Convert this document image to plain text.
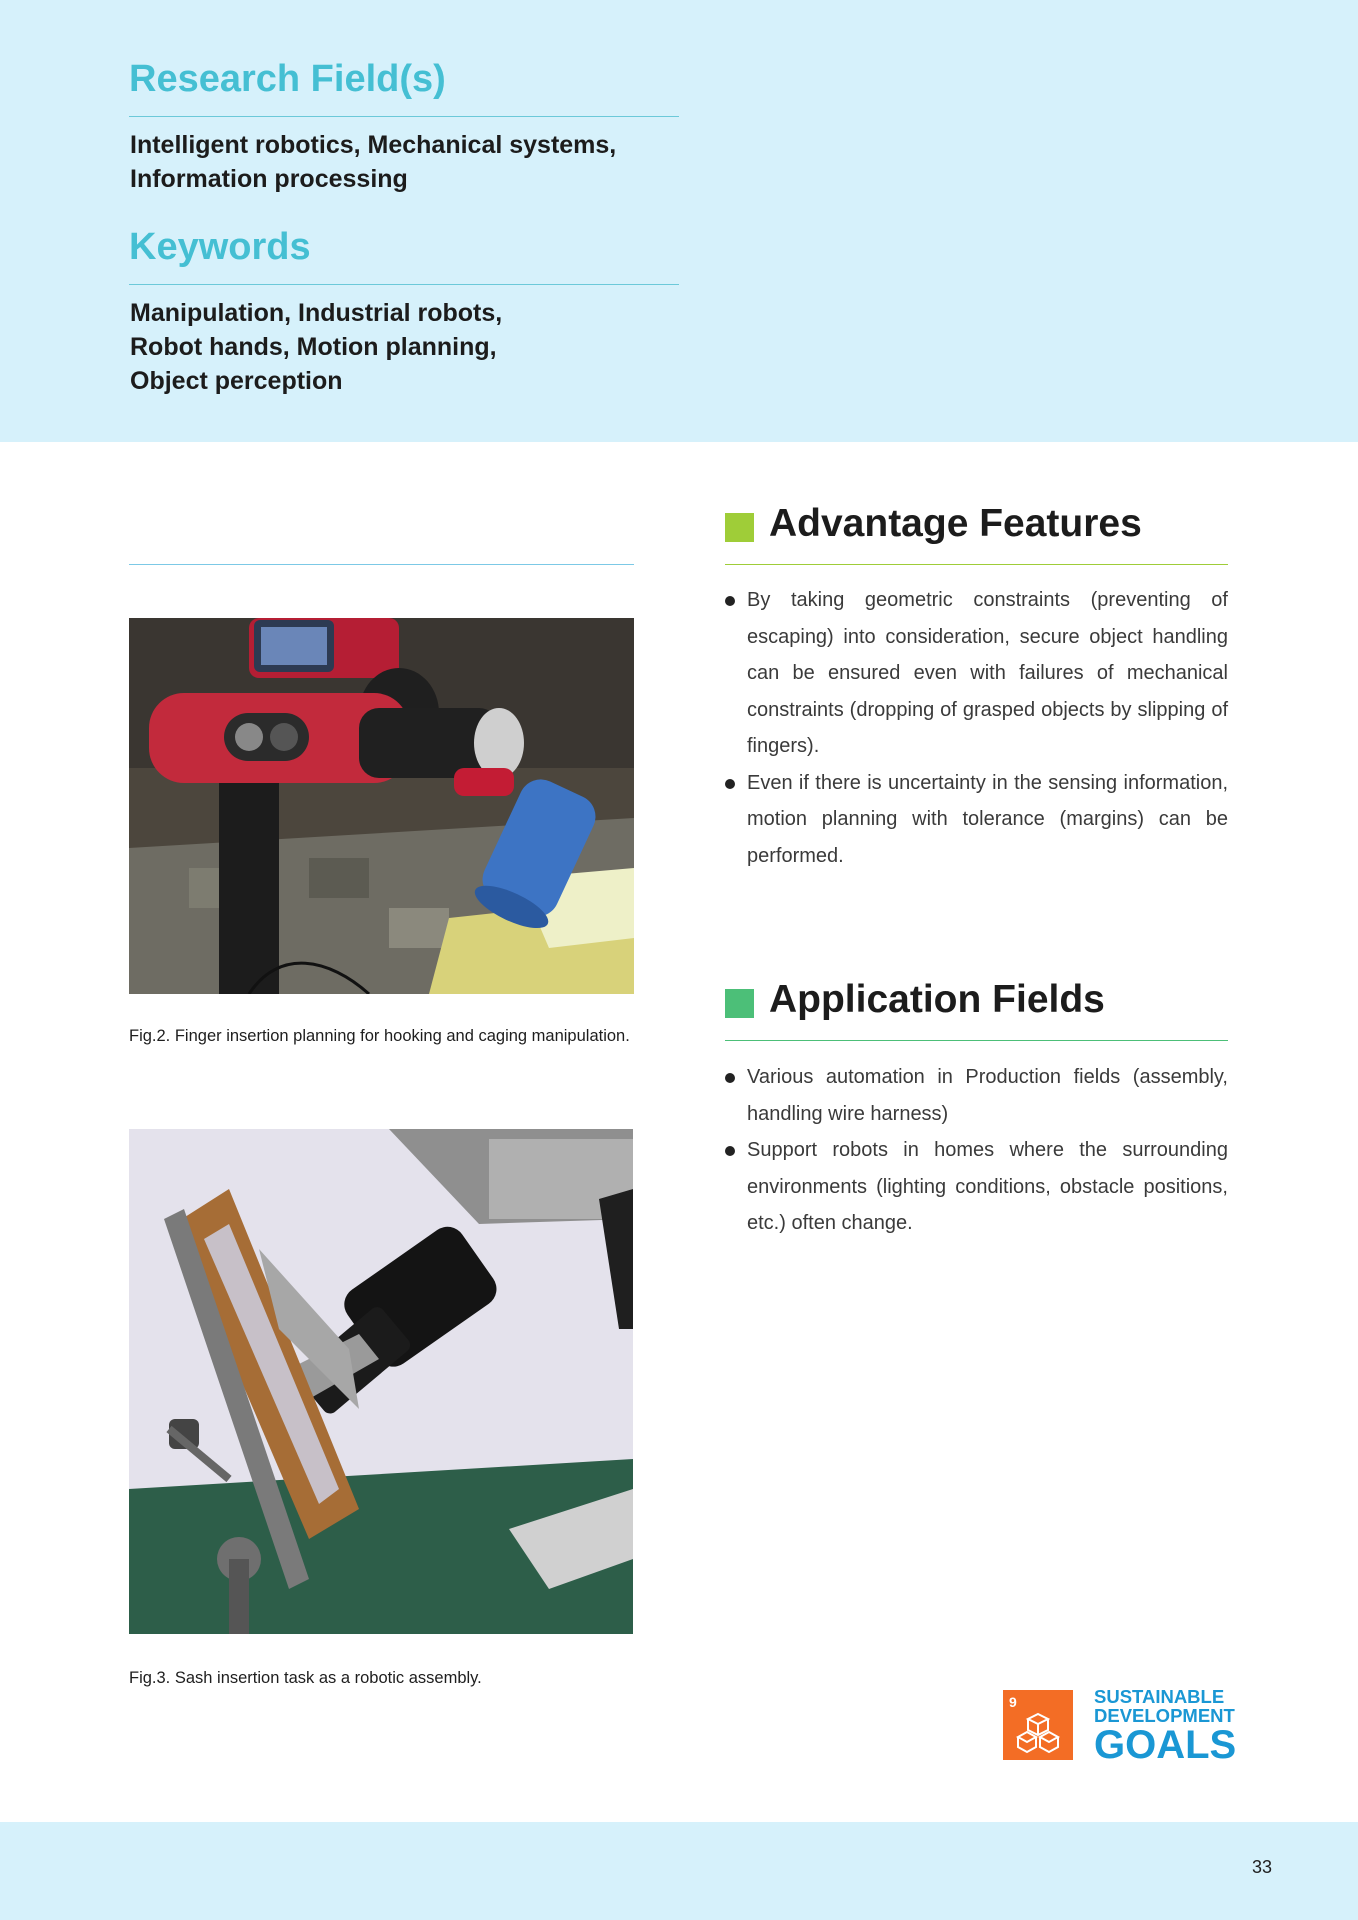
Research Field(s)

Intelligent robotics, Mechanical systems, Information processing

Keywords
Manipulation, Industrial robots,
Robot hands, Motion planning,
Object perception

Fig.2. Finger insertion planning for hooking and caging manipulation.

Fig.3. Sash insertion task as a robotic assembly.

Advantage Features
By taking geometric constraints (preventing of escaping) into consideration, secure object handling can be ensured even with failures of mechanical constraints (dropping of grasped objects by slipping of fingers).
Even if there is uncertainty in the sensing information, motion planning with tolerance (margins) can be performed.
Application Fields
Various automation in Production fields (assembly, handling wire harness)
Support robots in homes where the surrounding environments (lighting conditions, obstacle positions, etc.) often change.
9	SUSTAINABLE
DEVELOPMENT
GOALS

33
